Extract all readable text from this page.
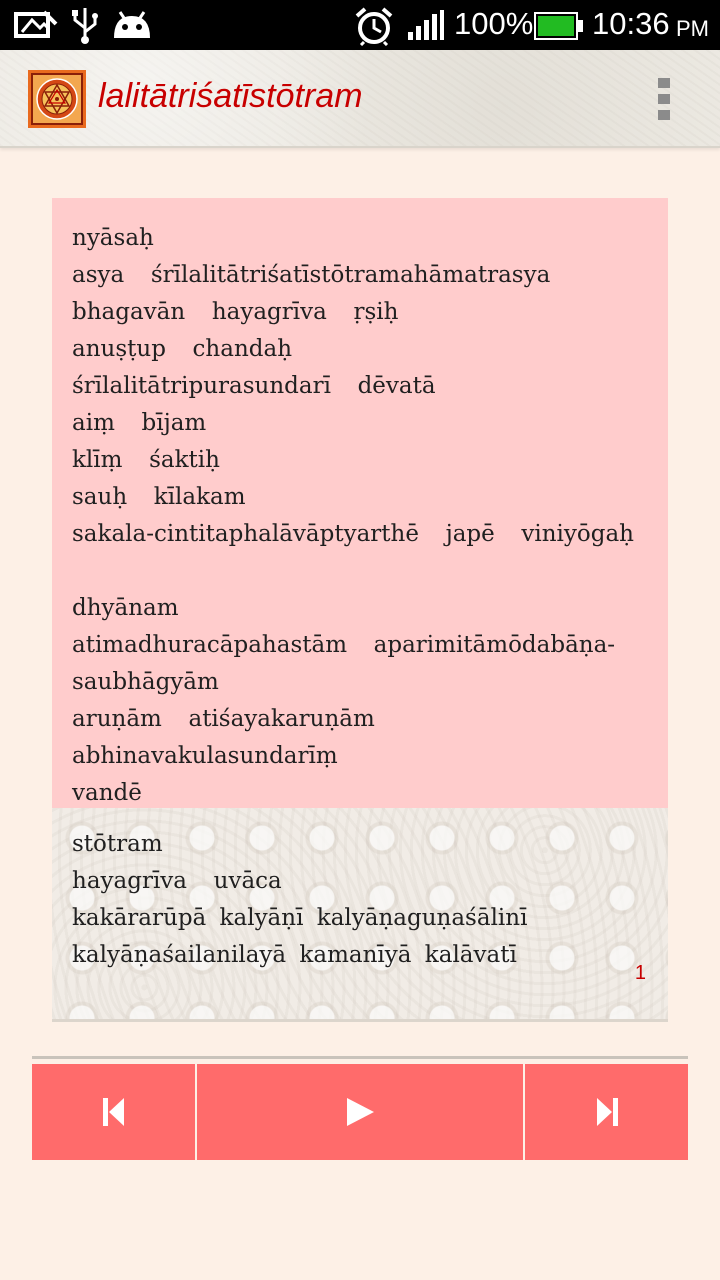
100% 10:36 PM
lalitātriśatīstōtram

nyāsaḥ
asya  śrīlalitātriśatīstōtramahāmatrasya
bhagavān  hayagrīva  ṛṣiḥ
anuṣṭup  chandaḥ
śrīlalitātripurasundarī  dēvatā
aiṃ  bījam
klīṃ  śaktiḥ
sauḥ  kīlakam
sakala-cintitaphalāvāptyarthē  japē  viniyōgaḥ

dhyānam
atimadhuracāpahastām  aparimitāmōdabāṇa-
saubhāgyām
aruṇām  atiśayakaruṇām  abhinavakulasundarīṃ
vandē

stōtram
hayagrīva  uvāca
kakārarūpā kalyāṇī kalyāṇaguṇaśālinī
kalyāṇaśailanilayā kamanīyā kalāvatī

1
